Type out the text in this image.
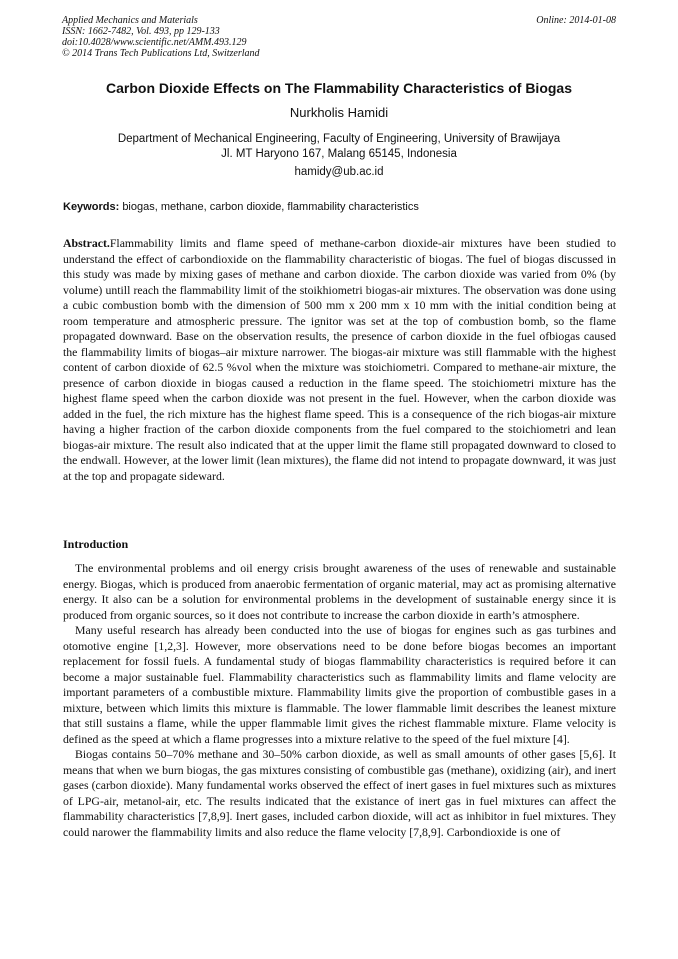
Applied Mechanics and Materials
ISSN: 1662-7482, Vol. 493, pp 129-133
doi:10.4028/www.scientific.net/AMM.493.129
© 2014 Trans Tech Publications Ltd, Switzerland
Online: 2014-01-08
Carbon Dioxide Effects on The Flammability Characteristics of Biogas
Nurkholis Hamidi
Department of Mechanical Engineering, Faculty of Engineering, University of Brawijaya
Jl. MT Haryono 167, Malang 65145, Indonesia
hamidy@ub.ac.id
Keywords: biogas, methane, carbon dioxide, flammability characteristics

Abstract.Flammability limits and flame speed of methane-carbon dioxide-air mixtures have been studied to understand the effect of carbondioxide on the flammability characteristic of biogas. The fuel of biogas discussed in this study was made by mixing gases of methane and carbon dioxide. The carbon dioxide was varied from 0% (by volume) untill reach the flammability limit of the stoikhiometri biogas-air mixtures. The observation was done using a cubic combustion bomb with the dimension of 500 mm x 200 mm x 10 mm with the initial condition being at room temperature and atmospheric pressure. The ignitor was set at the top of combustion bomb, so the flame propagated downward. Base on the observation results, the presence of carbon dioxide in the fuel ofbiogas caused the flammability limits of biogas–air mixture narrower. The biogas-air mixture was still flammable with the highest content of carbon dioxide of 62.5 %vol when the mixture was stoichiometri. Compared to methane-air mixture, the presence of carbon dioxide in biogas caused a reduction in the flame speed. The stoichiometri mixture has the highest flame speed when the carbon dioxide was not present in the fuel. However, when the carbon dioxide was added in the fuel, the rich mixture has the highest flame speed. This is a consequence of the rich biogas-air mixture having a higher fraction of the carbon dioxide components from the fuel compared to the stoichiometri and lean biogas-air mixture. The result also indicated that at the upper limit the flame still propagated downward to closed to the endwall. However, at the lower limit (lean mixtures), the flame did not intend to propagate downward, it was just at the top and propagate sideward.

Introduction

The environmental problems and oil energy crisis brought awareness of the uses of renewable and sustainable energy. Biogas, which is produced from anaerobic fermentation of organic material, may act as promising alternative energy. It also can be a solution for environmental problems in the development of sustainable energy since it is produced from organic sources, so it does not contribute to increase the carbon dioxide in earth’s atmosphere.

Many useful research has already been conducted into the use of biogas for engines such as gas turbines and otomotive engine [1,2,3]. However, more observations need to be done before biogas becomes an important replacement for fossil fuels. A fundamental study of biogas flammability characteristics is required before it can become a major sustainable fuel. Flammability characteristics such as flammability limits and flame velocity are important parameters of a combustible mixture. Flammability limits give the proportion of combustible gases in a mixture, between which limits this mixture is flammable. The lower flammable limit describes the leanest mixture that still sustains a flame, while the upper flammable limit gives the richest flammable mixture. Flame velocity is defined as the speed at which a flame progresses into a mixture relative to the speed of the fuel mixture [4].

Biogas contains 50–70% methane and 30–50% carbon dioxide, as well as small amounts of other gases [5,6]. It means that when we burn biogas, the gas mixtures consisting of combustible gas (methane), oxidizing (air), and inert gases (carbon dioxide). Many fundamental works observed the effect of inert gases in fuel mixtures such as mixtures of LPG-air, metanol-air, etc. The results indicated that the existance of inert gas in fuel mixtures can affect the flammability characteristics [7,8,9]. Inert gases, included carbon dioxide, will act as inhibitor in fuel mixtures. They could narower the flammability limits and also reduce the flame velocity [7,8,9]. Carbondioxide is one of
